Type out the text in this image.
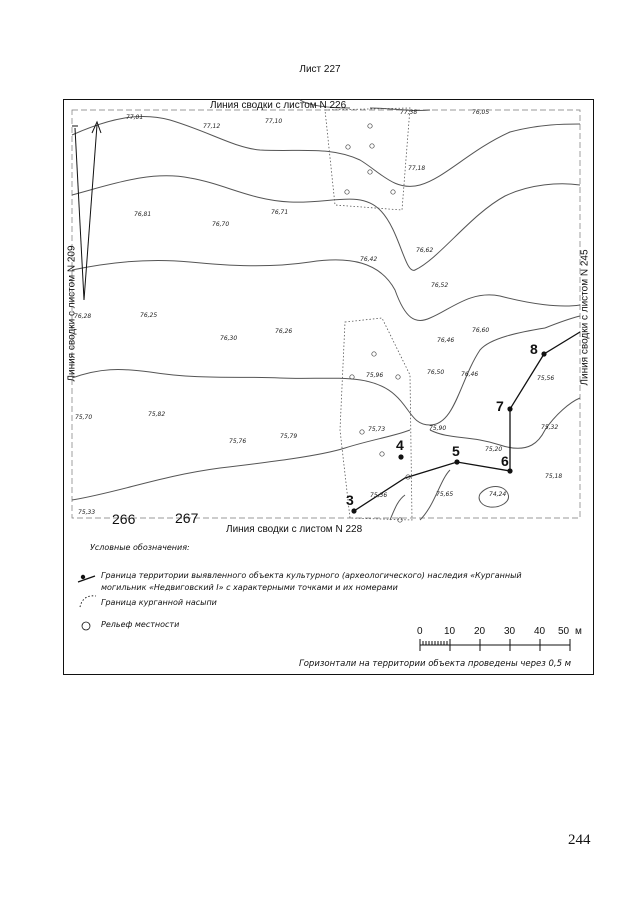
Лист 227
Линия сводки с листом N 226
Линия сводки с листом N 228
Линия сводки с листом N 209	Линия сводки с листом N 245
266	267
77,01
77,12
77,10
77,18
77,38
76,81
76,70
76,71
76,62
76,42
76,52
76,25
76,30
76,26	76,60
76,46
75,96	76,50	76,46
75,56
75,70	75,82
75,73
75,76
75,79
75,90
75,20
75,32
75,33
75,36	75,65	74,24
75,18
76,28
76,05
3
4	5
6
7
8
Условные обозначения:
Граница территории выявленного объекта культурного (археологического) наследия «Курганный могильник «Недвиговский I» с характерными точками и их номерами
Граница курганной насыпи
Рельеф местности
0 10 20 30 40 50 м
Горизонтали на территории объекта проведены через 0,5 м
244
